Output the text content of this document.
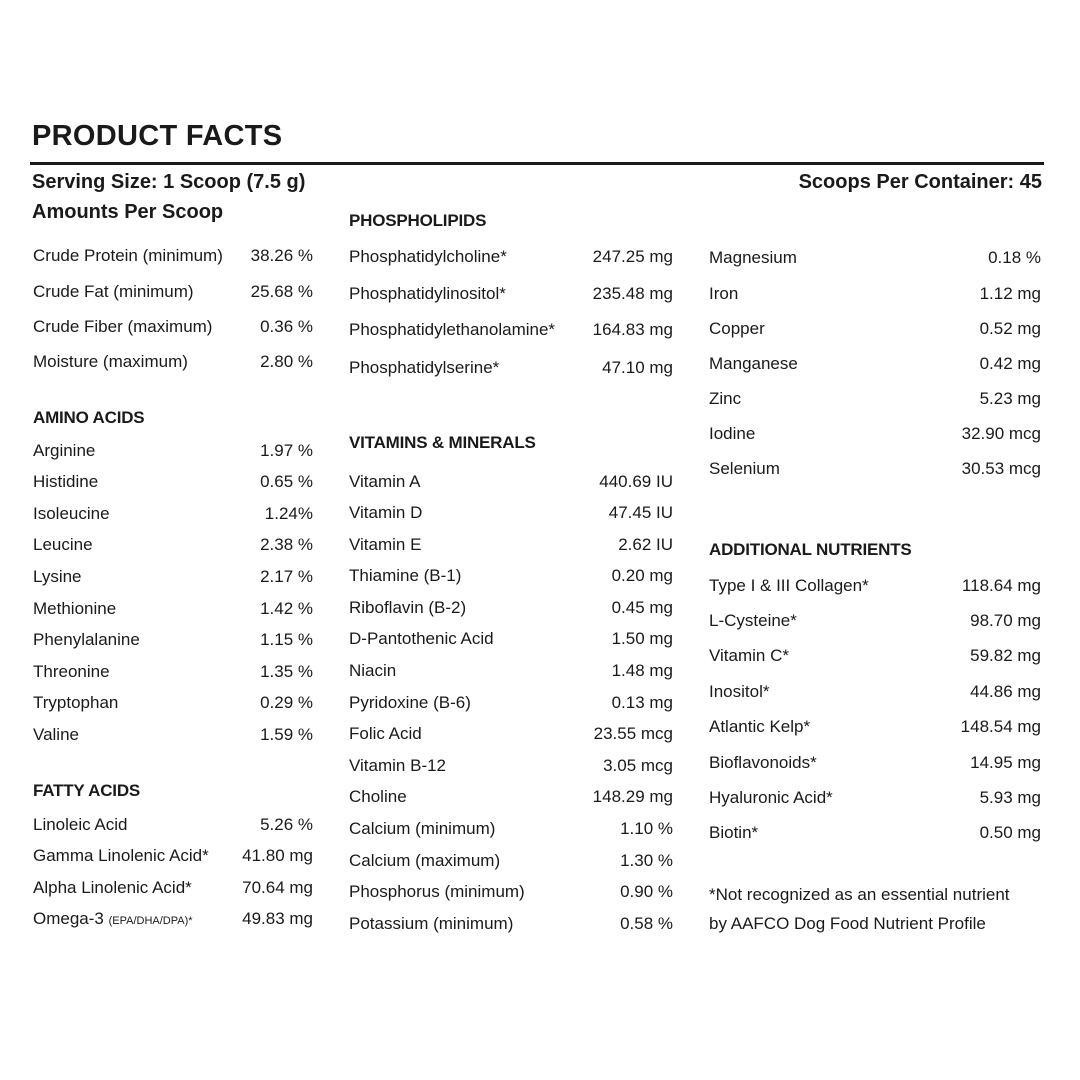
PRODUCT FACTS
Serving Size: 1 Scoop (7.5 g)	Scoops Per Container: 45
Amounts Per Scoop
Crude Protein (minimum) 38.26 %
Crude Fat (minimum)	25.68 %
Crude Fiber (maximum)	0.36 %
Moisture (maximum)	2.80 %
AMINO ACIDS
Arginine	1.97 %
Histidine	0.65 %
Isoleucine	1.24%
Leucine	2.38 %
Lysine	2.17 %
Methionine	1.42 %
Phenylalanine	1.15 %
Threonine	1.35 %
Tryptophan	0.29 %
Valine	1.59 %
FATTY ACIDS
Linoleic Acid	5.26 %
Gamma Linolenic Acid* 41.80 mg
Alpha Linolenic Acid*	70.64 mg
Omega-3 (EPA/DHA/DPA)*	49.83 mg
PHOSPHOLIPIDS
Phosphatidylcholine*	247.25 mg
Phosphatidylinositol*	235.48 mg
Phosphatidylethanolamine* 164.83 mg
Phosphatidylserine*	47.10 mg
VITAMINS & MINERALS
Vitamin A	440.69 IU
Vitamin D	47.45 IU
Vitamin E	2.62 IU
Thiamine (B-1)	0.20 mg
Riboflavin (B-2)	0.45 mg
D-Pantothenic Acid	1.50 mg
Niacin	1.48 mg
Pyridoxine (B-6)	0.13 mg
Folic Acid	23.55 mcg
Vitamin B-12	3.05 mcg
Choline	148.29 mg
Calcium (minimum)	1.10 %
Calcium (maximum)	1.30 %
Phosphorus (minimum)	0.90 %
Potassium (minimum)	0.58 %
Magnesium	0.18 %
Iron	1.12 mg
Copper	0.52 mg
Manganese	0.42 mg
Zinc	5.23 mg
Iodine	32.90 mcg
Selenium	30.53 mcg
ADDITIONAL NUTRIENTS
Type I & III Collagen*	118.64 mg
L-Cysteine*	98.70 mg
Vitamin C*	59.82 mg
Inositol*	44.86 mg
Atlantic Kelp*	148.54 mg
Bioflavonoids*	14.95 mg
Hyaluronic Acid*	5.93 mg
Biotin*	0.50 mg
*Not recognized as an essential nutrient
by AAFCO Dog Food Nutrient Profile
